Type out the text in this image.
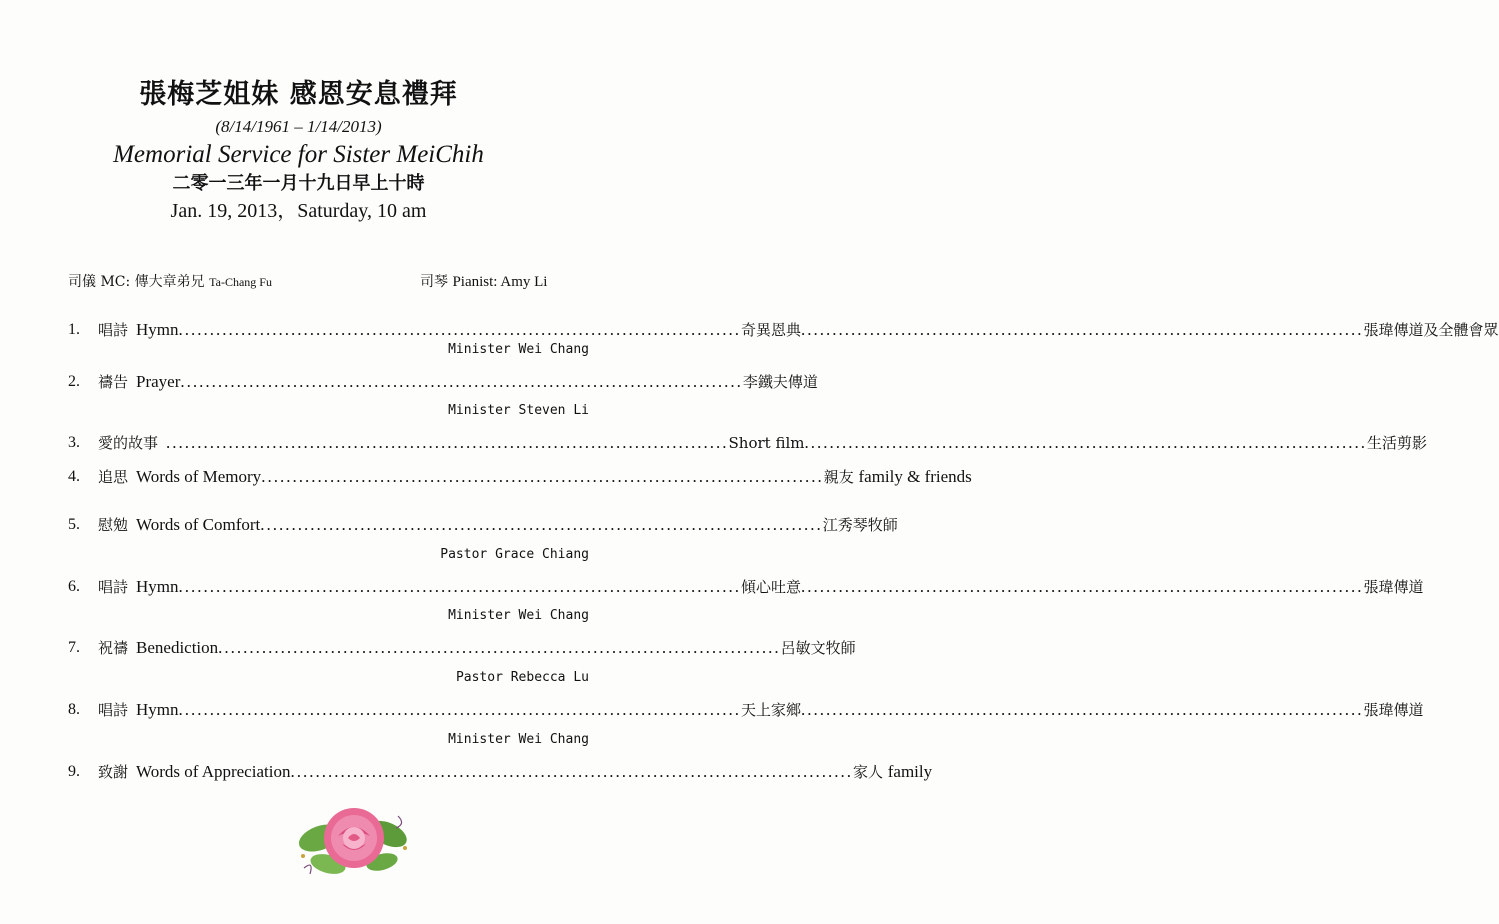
張梅芝姐妹 感恩安息禮拜
(8/14/1961 – 1/14/2013)
Memorial Service for Sister MeiChih
二零一三年一月十九日早上十時
Jan. 19, 2013，Saturday, 10 am
司儀 MC: 傳大章弟兄 Ta-Chang Fu	司琴 Pianist: Amy Li
1.	唱詩 Hymn .......................................................................................... 奇異恩典 .......................................................................................... 張瑋傳道及全體會眾
Minister Wei Chang
2.	禱告 Prayer .......................................................................................... 李鐵夫傳道
Minister Steven Li
3.	愛的故事 .......................................................................................... Short film .......................................................................................... 生活剪影
4.	追思 Words of Memory .......................................................................................... 親友 family & friends
5.	慰勉 Words of Comfort .......................................................................................... 江秀琴牧師
Pastor Grace Chiang
6.	唱詩 Hymn .......................................................................................... 傾心吐意 .......................................................................................... 張瑋傳道
Minister Wei Chang
7.	祝禱 Benediction .......................................................................................... 呂敏文牧師
Pastor Rebecca Lu
8.	唱詩 Hymn .......................................................................................... 天上家鄉 .......................................................................................... 張瑋傳道
Minister Wei Chang
9.	致謝 Words of Appreciation .......................................................................................... 家人 family
